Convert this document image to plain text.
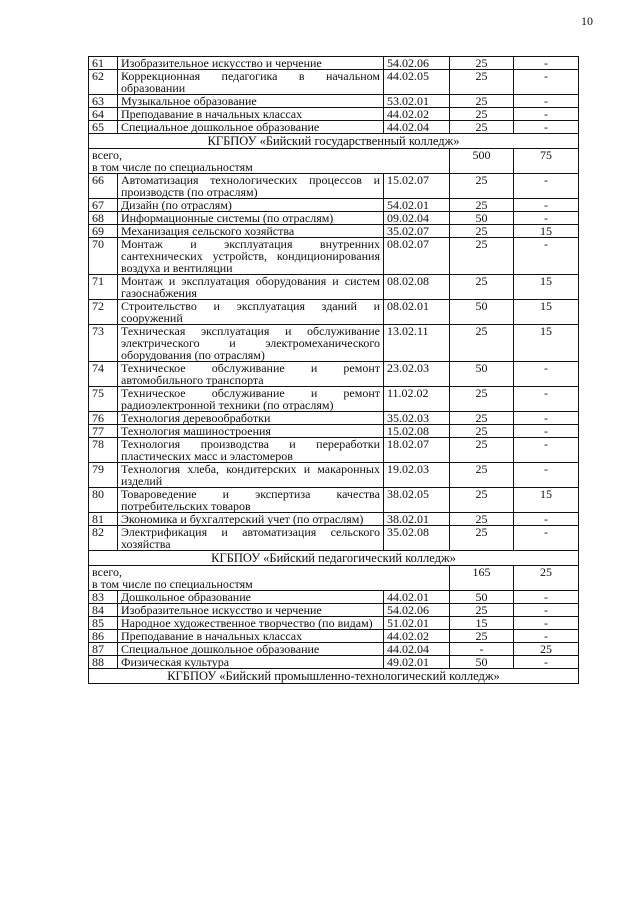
10
61	Изобразительное искусство и черчение	54.02.06	25	-
62	Коррекционная педагогика в начальном образовании	44.02.05	25	-
63	Музыкальное образование	53.02.01	25	-
64	Преподавание в начальных классах	44.02.02	25	-
65	Специальное дошкольное образование	44.02.04	25	-
КГБПОУ «Бийский государственный колледж»				
всего,
в том числе по специальностям			500	75
66	Автоматизация технологических процессов и производств (по отраслям)	15.02.07	25	-
67	Дизайн (по отраслям)	54.02.01	25	-
68	Информационные системы (по отраслям)	09.02.04	50	-
69	Механизация сельского хозяйства	35.02.07	25	15
70	Монтаж и эксплуатация внутренних сантехнических устройств, кондиционирования воздуха и вентиляции	08.02.07	25	-
71	Монтаж и эксплуатация оборудования и систем газоснабжения	08.02.08	25	15
72	Строительство и эксплуатация зданий и сооружений	08.02.01	50	15
73	Техническая эксплуатация и обслуживание электрического и электромеханического оборудования (по отраслям)	13.02.11	25	15
74	Техническое обслуживание и ремонт автомобильного транспорта	23.02.03	50	-
75	Техническое обслуживание и ремонт радиоэлектронной техники (по отраслям)	11.02.02	25	-
76	Технология деревообработки	35.02.03	25	-
77	Технология машиностроения	15.02.08	25	-
78	Технология производства и переработки пластических масс и эластомеров	18.02.07	25	-
79	Технология хлеба, кондитерских и макаронных изделий	19.02.03	25	-
80	Товароведение и экспертиза качества потребительских товаров	38.02.05	25	15
81	Экономика и бухгалтерский учет (по отраслям)	38.02.01	25	-
82	Электрификация и автоматизация сельского хозяйства	35.02.08	25	-
КГБПОУ «Бийский педагогический колледж»				
всего,
в том числе по специальностям			165	25
83	Дошкольное образование	44.02.01	50	-
84	Изобразительное искусство и черчение	54.02.06	25	-
85	Народное художественное творчество (по видам)	51.02.01	15	-
86	Преподавание в начальных классах	44.02.02	25	-
87	Специальное дошкольное образование	44.02.04	-	25
88	Физическая культура	49.02.01	50	-
КГБПОУ «Бийский промышленно-технологический колледж»				
